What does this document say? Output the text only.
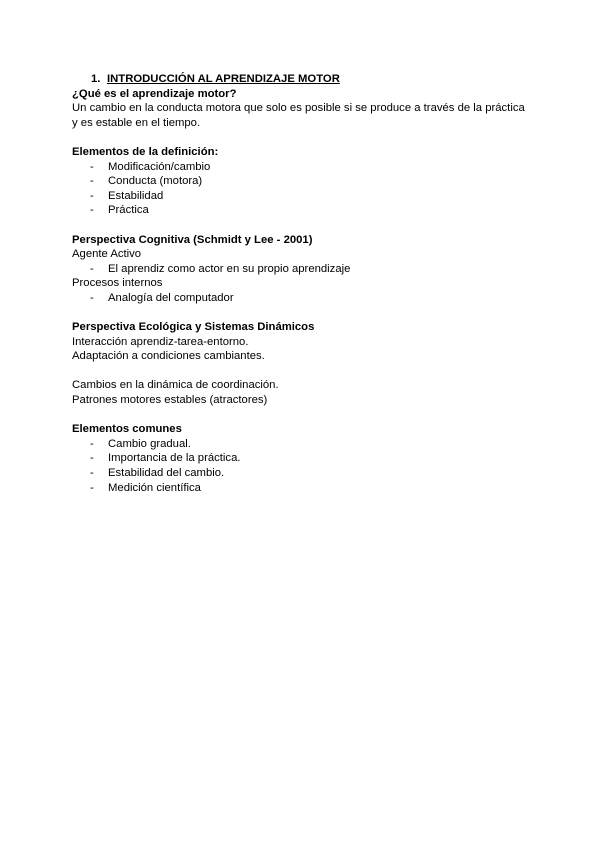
1. INTRODUCCIÓN AL APRENDIZAJE MOTOR

¿Qué es el aprendizaje motor?

Un cambio en la conducta motora que solo es posible si se produce a través de la práctica y es estable en el tiempo.

Elementos de la definición:

- Modificación/cambio
- Conducta (motora)
- Estabilidad
- Práctica

Perspectiva Cognitiva (Schmidt y Lee - 2001)

Agente Activo

- El aprendiz como actor en su propio aprendizaje

Procesos internos

- Analogía del computador

Perspectiva Ecológica y Sistemas Dinámicos

Interacción aprendiz-tarea-entorno.

Adaptación a condiciones cambiantes.

Cambios en la dinámica de coordinación.

Patrones motores estables (atractores)

Elementos comunes

- Cambio gradual.
- Importancia de la práctica.
- Estabilidad del cambio.
- Medición científica
